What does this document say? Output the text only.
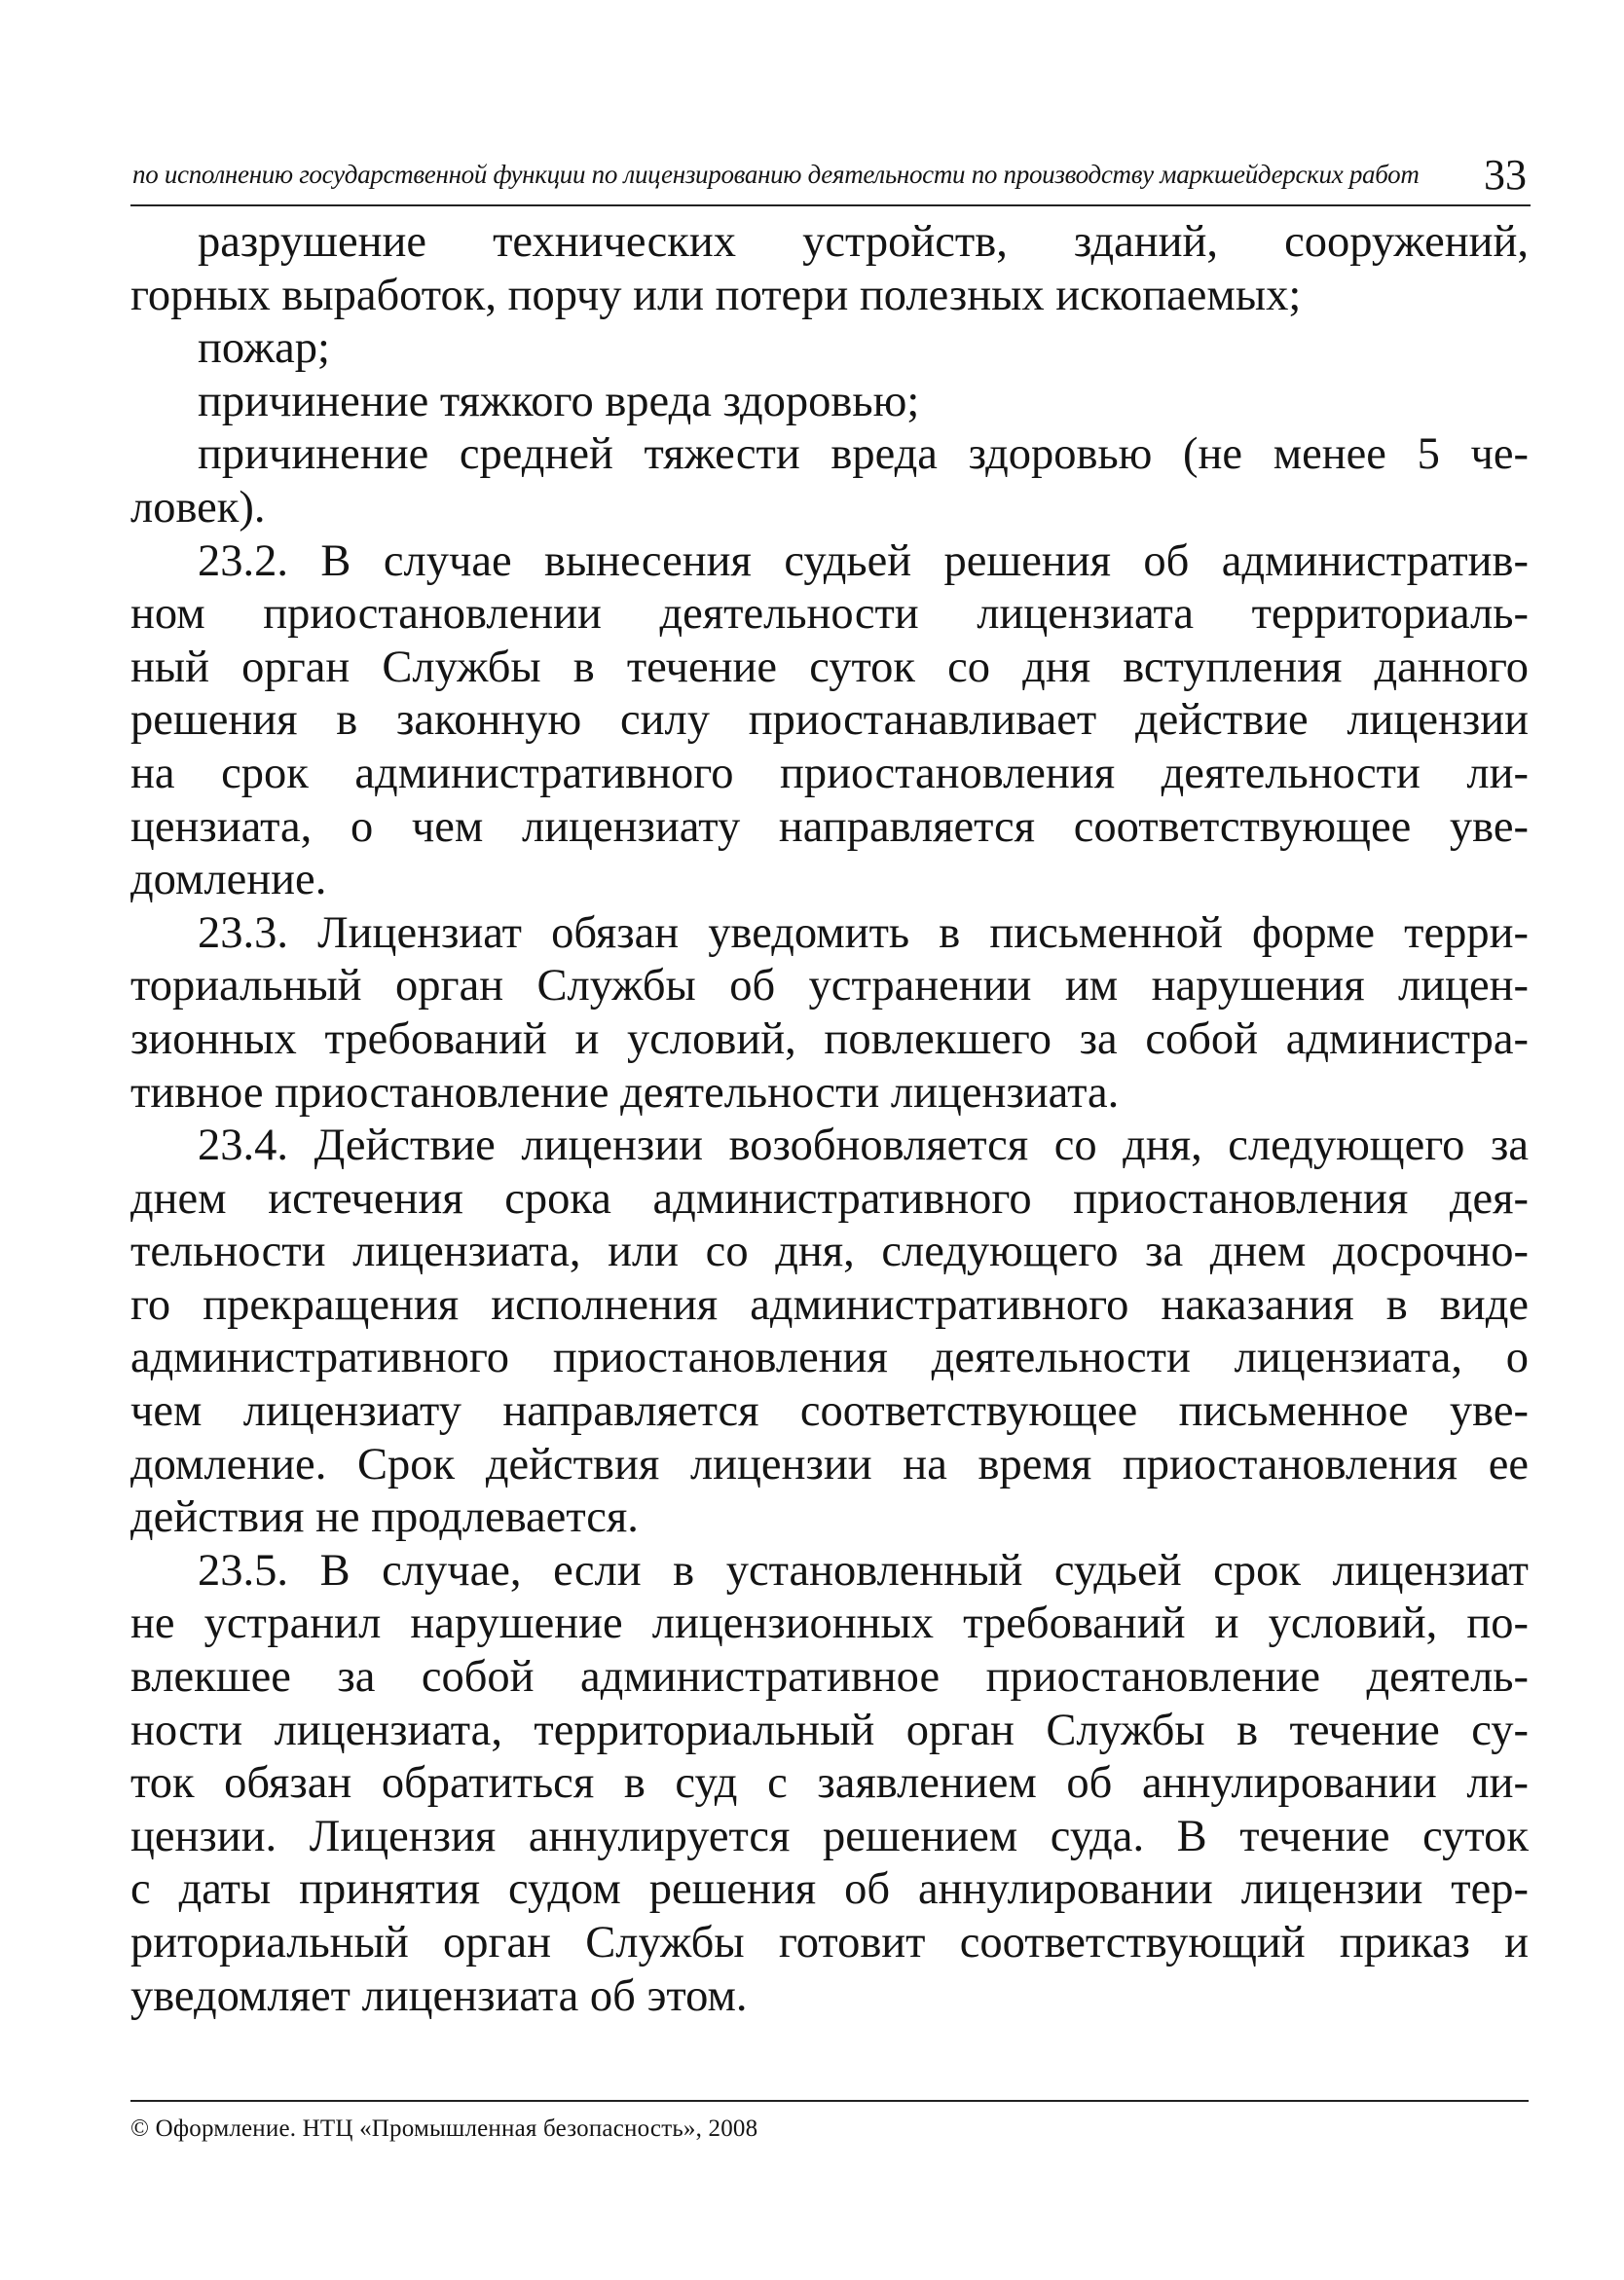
по исполнению государственной функции по лицензированию деятельности по производству маркшейдерских работ	33
разрушение технических устройств, зданий, сооружений,
горных выработок, порчу или потери полезных ископаемых;
пожар;
причинение тяжкого вреда здоровью;
причинение средней тяжести вреда здоровью (не менее 5 че-
ловек).
23.2. В случае вынесения судьей решения об административ-
ном приостановлении деятельности лицензиата территориаль-
ный орган Службы в течение суток со дня вступления данного
решения в законную силу приостанавливает действие лицензии
на срок административного приостановления деятельности ли-
цензиата, о чем лицензиату направляется соответствующее уве-
домление.
23.3. Лицензиат обязан уведомить в письменной форме терри-
ториальный орган Службы об устранении им нарушения лицен-
зионных требований и условий, повлекшего за собой администра-
тивное приостановление деятельности лицензиата.
23.4. Действие лицензии возобновляется со дня, следующего за
днем истечения срока административного приостановления дея-
тельности лицензиата, или со дня, следующего за днем досрочно-
го прекращения исполнения административного наказания в виде
административного приостановления деятельности лицензиата, о
чем лицензиату направляется соответствующее письменное уве-
домление. Срок действия лицензии на время приостановления ее
действия не продлевается.
23.5. В случае, если в установленный судьей срок лицензиат
не устранил нарушение лицензионных требований и условий, по-
влекшее за собой административное приостановление деятель-
ности лицензиата, территориальный орган Службы в течение су-
ток обязан обратиться в суд с заявлением об аннулировании ли-
цензии. Лицензия аннулируется решением суда. В течение суток
с даты принятия судом решения об аннулировании лицензии тер-
риториальный орган Службы готовит соответствующий приказ и
уведомляет лицензиата об этом.
© Оформление. НТЦ «Промышленная безопасность», 2008
